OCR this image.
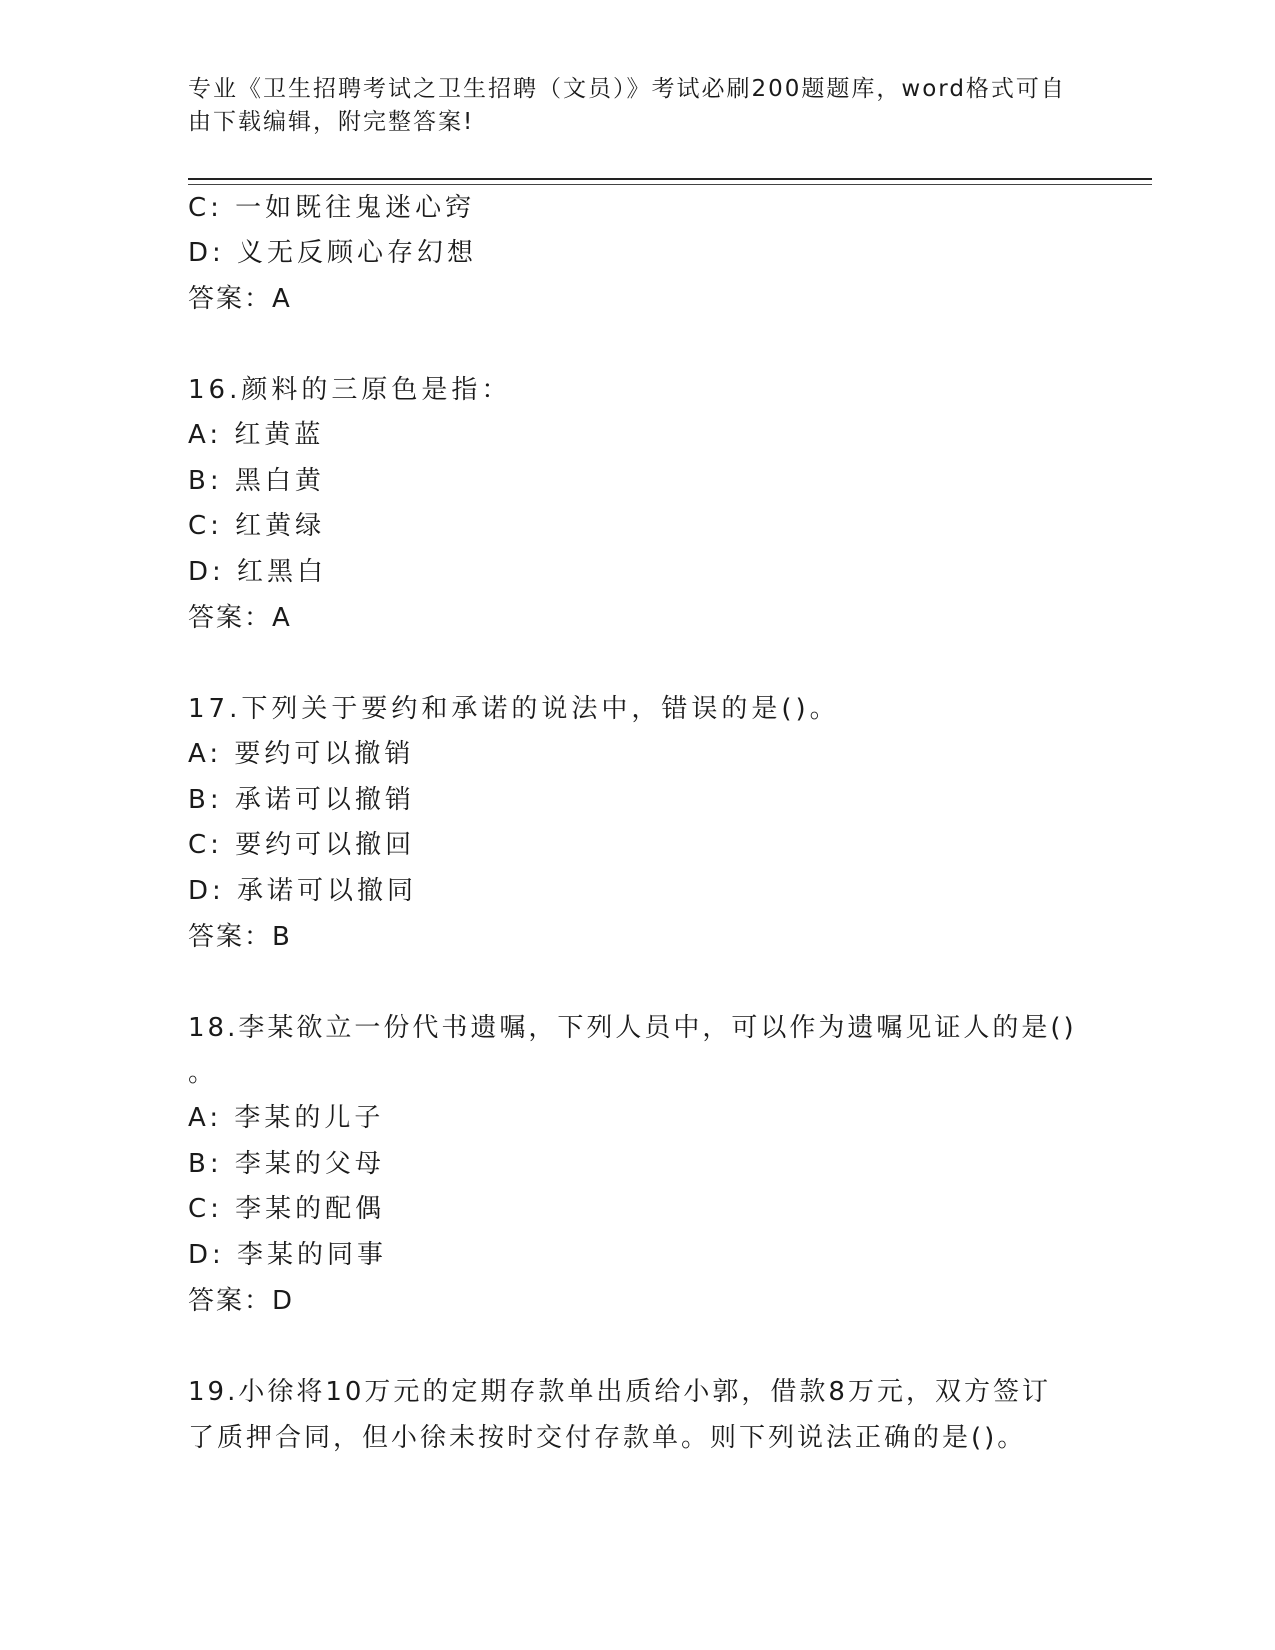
专业《卫生招聘考试之卫生招聘（文员）》考试必刷200题题库，word格式可自由下载编辑，附完整答案!
C: 一如既往鬼迷心窍
D: 义无反顾心存幻想
答案：A
16.颜料的三原色是指：
A: 红黄蓝
B: 黑白黄
C: 红黄绿
D: 红黑白
答案：A
17.下列关于要约和承诺的说法中，错误的是()。
A: 要约可以撤销
B: 承诺可以撤销
C: 要约可以撤回
D: 承诺可以撤同
答案：B
18.李某欲立一份代书遗嘱，下列人员中，可以作为遗嘱见证人的是()
。
A: 李某的儿子
B: 李某的父母
C: 李某的配偶
D: 李某的同事
答案：D
19.小徐将10万元的定期存款单出质给小郭，借款8万元，双方签订
了质押合同，但小徐未按时交付存款单。则下列说法正确的是()。
